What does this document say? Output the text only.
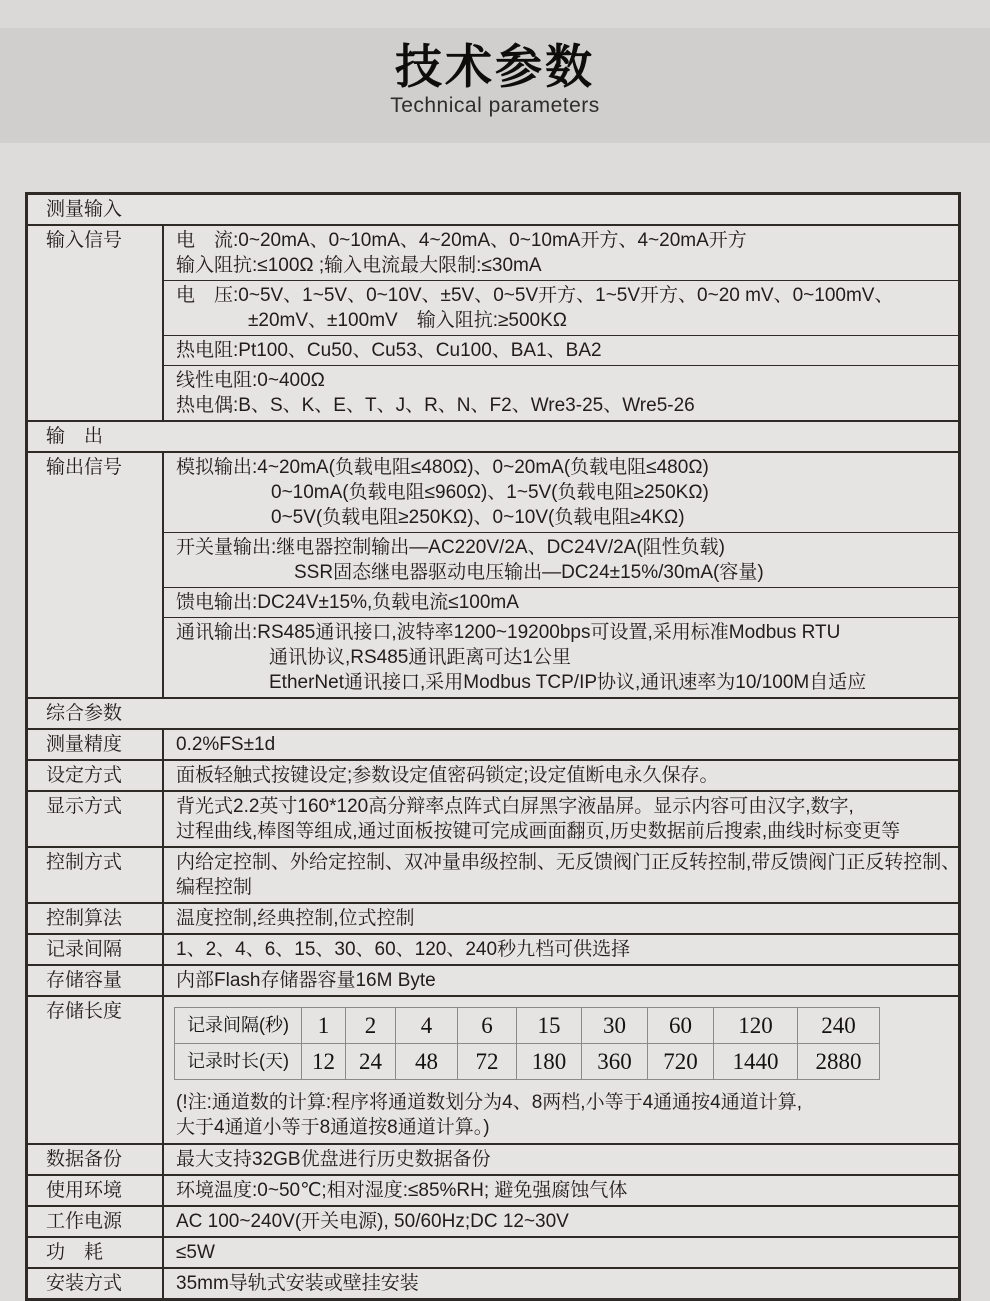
技术参数
Technical parameters
测量输入
输入信号	电　流:0~20mA、0~10mA、4~20mA、0~10mA开方、4~20mA开方
输入阻抗:≤100Ω ;输入电流最大限制:≤30mA
电　压:0~5V、1~5V、0~10V、±5V、0~5V开方、1~5V开方、0~20 mV、0~100mV、
±20mV、±100mV　输入阻抗:≥500KΩ
热电阻:Pt100、Cu50、Cu53、Cu100、BA1、BA2
线性电阻:0~400Ω
热电偶:B、S、K、E、T、J、R、N、F2、Wre3-25、Wre5-26
输　出
输出信号	模拟输出:4~20mA(负载电阻≤480Ω)、0~20mA(负载电阻≤480Ω)
0~10mA(负载电阻≤960Ω)、1~5V(负载电阻≥250KΩ)
0~5V(负载电阻≥250KΩ)、0~10V(负载电阻≥4KΩ)
开关量输出:继电器控制输出—AC220V/2A、DC24V/2A(阻性负载)
SSR固态继电器驱动电压输出—DC24±15%/30mA(容量)
馈电输出:DC24V±15%,负载电流≤100mA
通讯输出:RS485通讯接口,波特率1200~19200bps可设置,采用标准Modbus RTU
通讯协议,RS485通讯距离可达1公里
EtherNet通讯接口,采用Modbus TCP/IP协议,通讯速率为10/100M自适应
综合参数
测量精度	0.2%FS±1d
设定方式	面板轻触式按键设定;参数设定值密码锁定;设定值断电永久保存。
显示方式	背光式2.2英寸160*120高分辩率点阵式白屏黑字液晶屏。显示内容可由汉字,数字,
过程曲线,棒图等组成,通过面板按键可完成画面翻页,历史数据前后搜索,曲线时标变更等
控制方式	内给定控制、外给定控制、双冲量串级控制、无反馈阀门正反转控制,带反馈阀门正反转控制、
编程控制
控制算法	温度控制,经典控制,位式控制
记录间隔	1、2、4、6、15、30、60、120、240秒九档可供选择
存储容量	内部Flash存储器容量16M Byte
存储长度
记录间隔(秒)	1	2	4	6	15	30	60	120	240
记录时长(天)	12	24	48	72	180	360	720	1440	2880
(!注:通道数的计算:程序将通道数划分为4、8两档,小等于4通通按4通道计算,
大于4通道小等于8通道按8通道计算。)
数据备份	最大支持32GB优盘进行历史数据备份
使用环境	环境温度:0~50℃;相对湿度:≤85%RH; 避免强腐蚀气体
工作电源	AC 100~240V(开关电源), 50/60Hz;DC 12~30V
功　耗	≤5W
安装方式	35mm导轨式安装或壁挂安装
